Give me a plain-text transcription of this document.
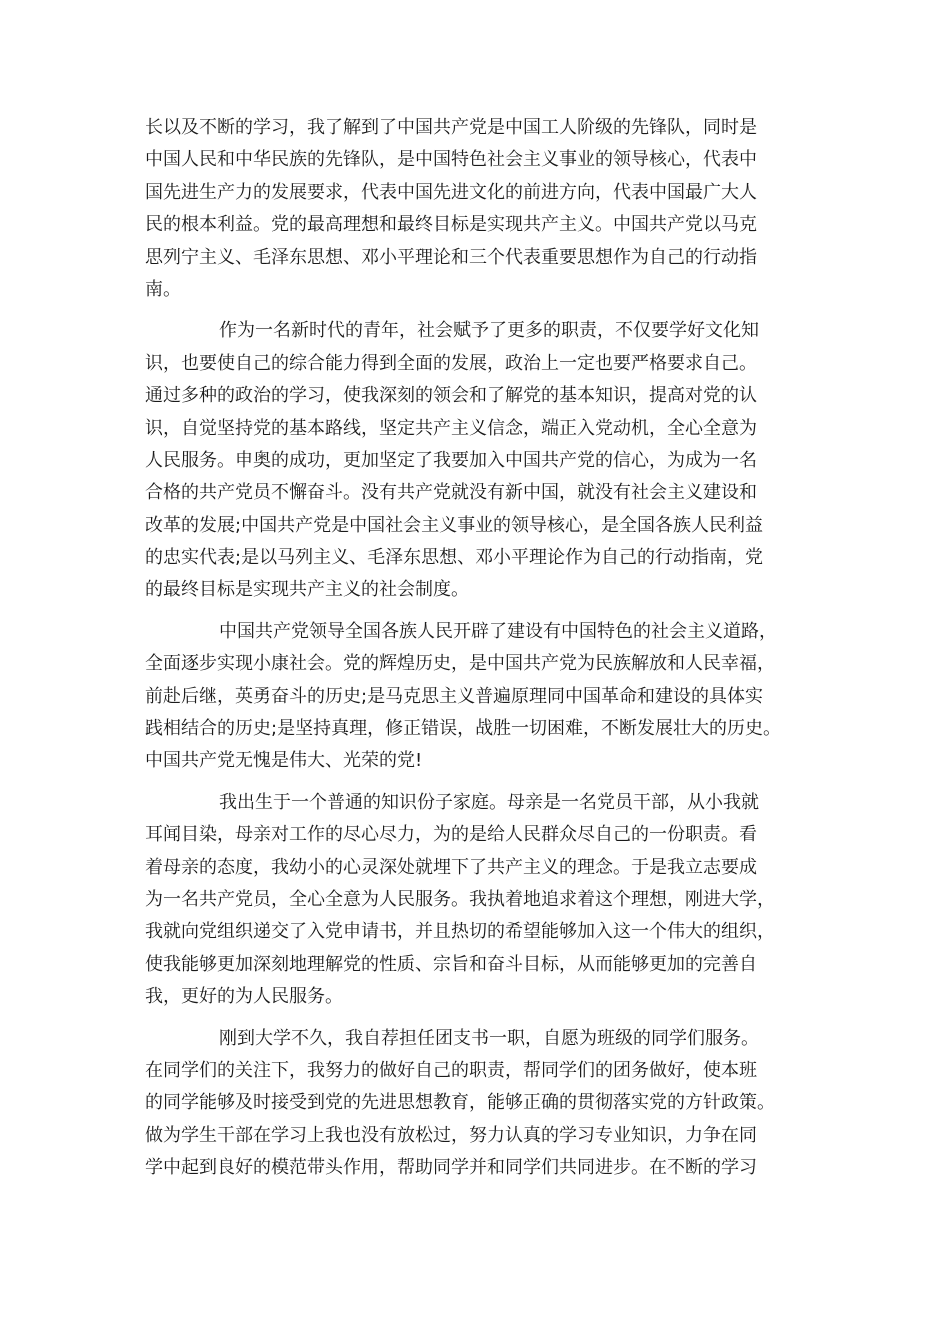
长以及不断的学习，我了解到了中国共产党是中国工人阶级的先锋队，同时是
中国人民和中华民族的先锋队，是中国特色社会主义事业的领导核心，代表中
国先进生产力的发展要求，代表中国先进文化的前进方向，代表中国最广大人
民的根本利益。党的最高理想和最终目标是实现共产主义。中国共产党以马克
思列宁主义、毛泽东思想、邓小平理论和三个代表重要思想作为自己的行动指
南。

作为一名新时代的青年，社会赋予了更多的职责，不仅要学好文化知
识，也要使自己的综合能力得到全面的发展，政治上一定也要严格要求自己。
通过多种的政治的学习，使我深刻的领会和了解党的基本知识，提高对党的认
识，自觉坚持党的基本路线，坚定共产主义信念，端正入党动机，全心全意为
人民服务。申奥的成功，更加坚定了我要加入中国共产党的信心，为成为一名
合格的共产党员不懈奋斗。没有共产党就没有新中国，就没有社会主义建设和
改革的发展;中国共产党是中国社会主义事业的领导核心，是全国各族人民利益
的忠实代表;是以马列主义、毛泽东思想、邓小平理论作为自己的行动指南，党
的最终目标是实现共产主义的社会制度。

中国共产党领导全国各族人民开辟了建设有中国特色的社会主义道路，
全面逐步实现小康社会。党的辉煌历史，是中国共产党为民族解放和人民幸福，
前赴后继，英勇奋斗的历史;是马克思主义普遍原理同中国革命和建设的具体实
践相结合的历史;是坚持真理，修正错误，战胜一切困难，不断发展壮大的历史。
中国共产党无愧是伟大、光荣的党!

我出生于一个普通的知识份子家庭。母亲是一名党员干部，从小我就
耳闻目染，母亲对工作的尽心尽力，为的是给人民群众尽自己的一份职责。看
着母亲的态度，我幼小的心灵深处就埋下了共产主义的理念。于是我立志要成
为一名共产党员，全心全意为人民服务。我执着地追求着这个理想，刚进大学，
我就向党组织递交了入党申请书，并且热切的希望能够加入这一个伟大的组织，
使我能够更加深刻地理解党的性质、宗旨和奋斗目标，从而能够更加的完善自
我，更好的为人民服务。

刚到大学不久，我自荐担任团支书一职，自愿为班级的同学们服务。
在同学们的关注下，我努力的做好自己的职责，帮同学们的团务做好，使本班
的同学能够及时接受到党的先进思想教育，能够正确的贯彻落实党的方针政策。
做为学生干部在学习上我也没有放松过，努力认真的学习专业知识，力争在同
学中起到良好的模范带头作用，帮助同学并和同学们共同进步。在不断的学习
